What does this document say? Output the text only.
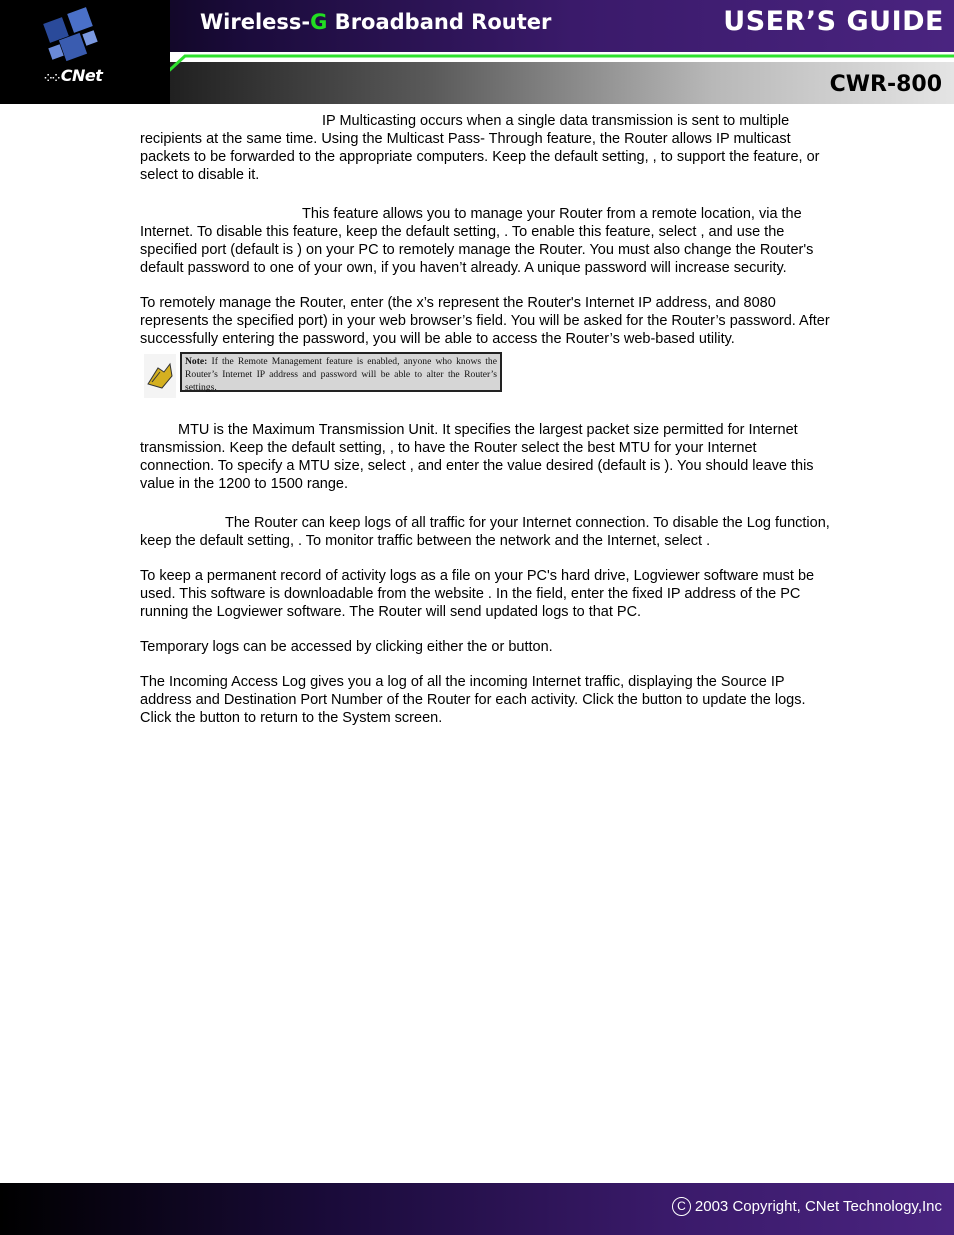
⁘⁘CNet
Wireless-G Broadband Router	USER’S GUIDE
CWR-800

IP Multicasting occurs when a single data transmission is sent to multiple recipients at the same time. Using the Multicast Pass- Through feature, the Router allows IP multicast packets to be forwarded to the appropriate computers. Keep the default setting, , to support the feature, or select to disable it.

This feature allows you to manage your Router from a remote location, via the Internet. To disable this feature, keep the default setting, . To enable this feature, select , and use the specified port (default is ) on your PC to remotely manage the Router. You must also change the Router's default password to one of your own, if you haven’t already. A unique password will increase security.

To remotely manage the Router, enter (the x’s represent the Router's Internet IP address, and 8080 represents the specified port) in your web browser’s field. You will be asked for the Router’s password. After successfully entering the password, you will be able to access the Router’s web-based utility.

Note: If the Remote Management feature is enabled, anyone who knows the Router’s Internet IP address and password will be able to alter the Router’s settings.

MTU is the Maximum Transmission Unit. It specifies the largest packet size permitted for Internet transmission. Keep the default setting, , to have the Router select the best MTU for your Internet connection. To specify a MTU size, select , and enter the value desired (default is ). You should leave this value in the 1200 to 1500 range.

The Router can keep logs of all traffic for your Internet connection. To disable the Log function, keep the default setting, . To monitor traffic between the network and the Internet, select .

To keep a permanent record of activity logs as a file on your PC's hard drive, Logviewer software must be used. This software is downloadable from the website . In the field, enter the fixed IP address of the PC running the Logviewer software. The Router will send updated logs to that PC.

Temporary logs can be accessed by clicking either the or button.

The Incoming Access Log gives you a log of all the incoming Internet traffic, displaying the Source IP address and Destination Port Number of the Router for each activity. Click the button to update the logs. Click the button to return to the System screen.

C 2003 Copyright, CNet Technology,Inc
